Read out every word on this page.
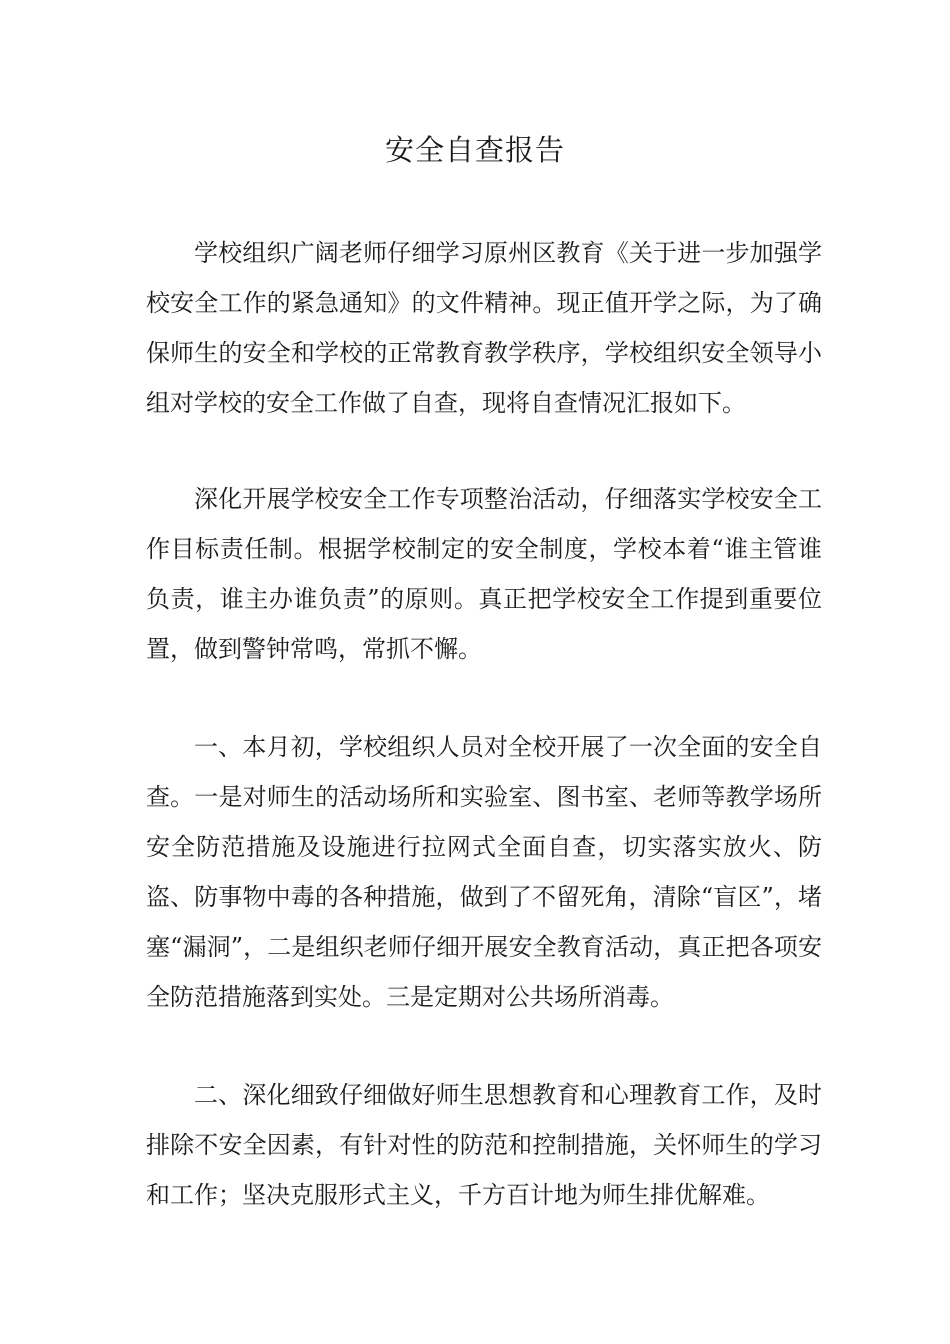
安全自查报告

学校组织广阔老师仔细学习原州区教育《关于进一步加强学校安全工作的紧急通知》的文件精神。现正值开学之际，为了确保师生的安全和学校的正常教育教学秩序，学校组织安全领导小组对学校的安全工作做了自查，现将自查情况汇报如下。

深化开展学校安全工作专项整治活动，仔细落实学校安全工作目标责任制。根据学校制定的安全制度，学校本着“谁主管谁负责，谁主办谁负责”的原则。真正把学校安全工作提到重要位置，做到警钟常鸣，常抓不懈。

一、本月初，学校组织人员对全校开展了一次全面的安全自查。一是对师生的活动场所和实验室、图书室、老师等教学场所安全防范措施及设施进行拉网式全面自查，切实落实放火、防盗、防事物中毒的各种措施，做到了不留死角，清除“盲区”，堵塞“漏洞”，二是组织老师仔细开展安全教育活动，真正把各项安全防范措施落到实处。三是定期对公共场所消毒。

二、深化细致仔细做好师生思想教育和心理教育工作，及时排除不安全因素，有针对性的防范和控制措施，关怀师生的学习和工作；坚决克服形式主义，千方百计地为师生排优解难。
